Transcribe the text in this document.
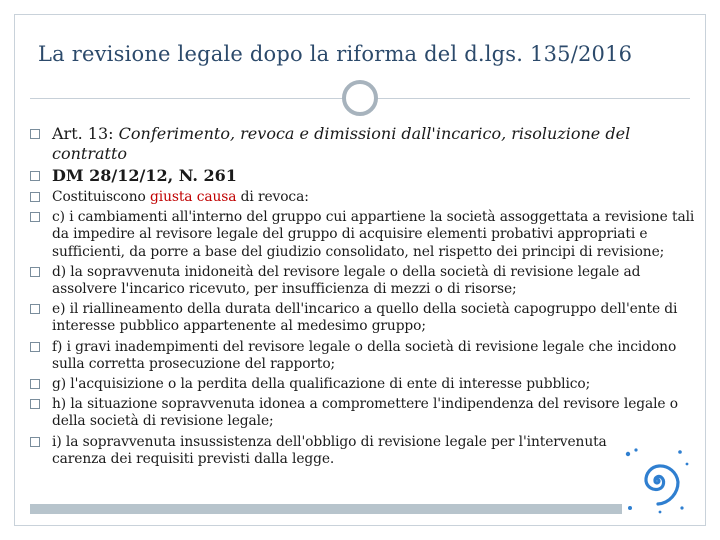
La revisione legale dopo la riforma del d.lgs. 135/2016
Art. 13: Conferimento, revoca e dimissioni dall'incarico, risoluzione del contratto
DM 28/12/12, N. 261
Costituiscono giusta causa di revoca:
c) i cambiamenti all'interno del gruppo cui appartiene la società assoggettata a revisione tali da impedire al revisore legale del gruppo di acquisire elementi probativi appropriati e sufficienti, da porre a base del giudizio consolidato, nel rispetto dei principi di revisione;
d) la sopravvenuta inidoneità del revisore legale o della società di revisione legale ad assolvere l'incarico ricevuto, per insufficienza di mezzi o di risorse;
e) il riallineamento della durata dell'incarico a quello della società capogruppo dell'ente di interesse pubblico appartenente al medesimo gruppo;
f) i gravi inadempimenti del revisore legale o della società di revisione legale che incidono sulla corretta prosecuzione del rapporto;
g) l'acquisizione o la perdita della qualificazione di ente di interesse pubblico;
h) la situazione sopravvenuta idonea a compromettere l'indipendenza del revisore legale o della società di revisione legale;
i) la sopravvenuta insussistenza dell'obbligo di revisione legale per l'intervenuta carenza dei requisiti previsti dalla legge.
